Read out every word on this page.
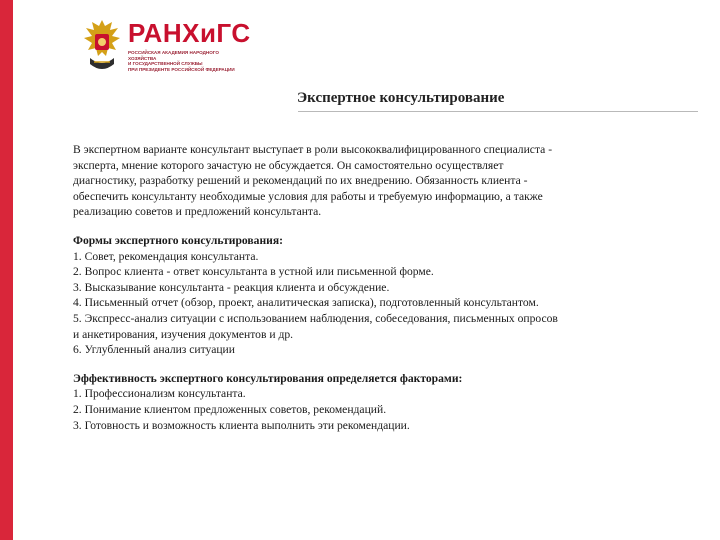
РАНХиГС
РОССИЙСКАЯ АКАДЕМИЯ НАРОДНОГО ХОЗЯЙСТВА
И ГОСУДАРСТВЕННОЙ СЛУЖБЫ
ПРИ ПРЕЗИДЕНТЕ РОССИЙСКОЙ ФЕДЕРАЦИИ
Экспертное консультирование

В экспертном варианте консультант выступает в роли высококвалифицированного специалиста -

эксперта, мнение которого зачастую не обсуждается. Он самостоятельно осуществляет

диагностику, разработку решений и рекомендаций по их внедрению. Обязанность клиента -

обеспечить консультанту необходимые условия для работы и требуемую информацию, а также

реализацию советов и предложений консультанта.

Формы экспертного консультирования:

1. Совет, рекомендация консультанта.

2. Вопрос клиента - ответ консультанта в устной или письменной форме.

3. Высказывание консультанта - реакция клиента и обсуждение.

4. Письменный отчет (обзор, проект, аналитическая записка), подготовленный консультантом.

5. Экспресс-анализ ситуации с использованием наблюдения, собеседования, письменных опросов

и анкетирования, изучения документов и др.

6. Углубленный анализ ситуации

Эффективность экспертного консультирования определяется факторами:

1. Профессионализм консультанта.

2. Понимание клиентом предложенных советов, рекомендаций.

3. Готовность и возможность клиента выполнить эти рекомендации.
